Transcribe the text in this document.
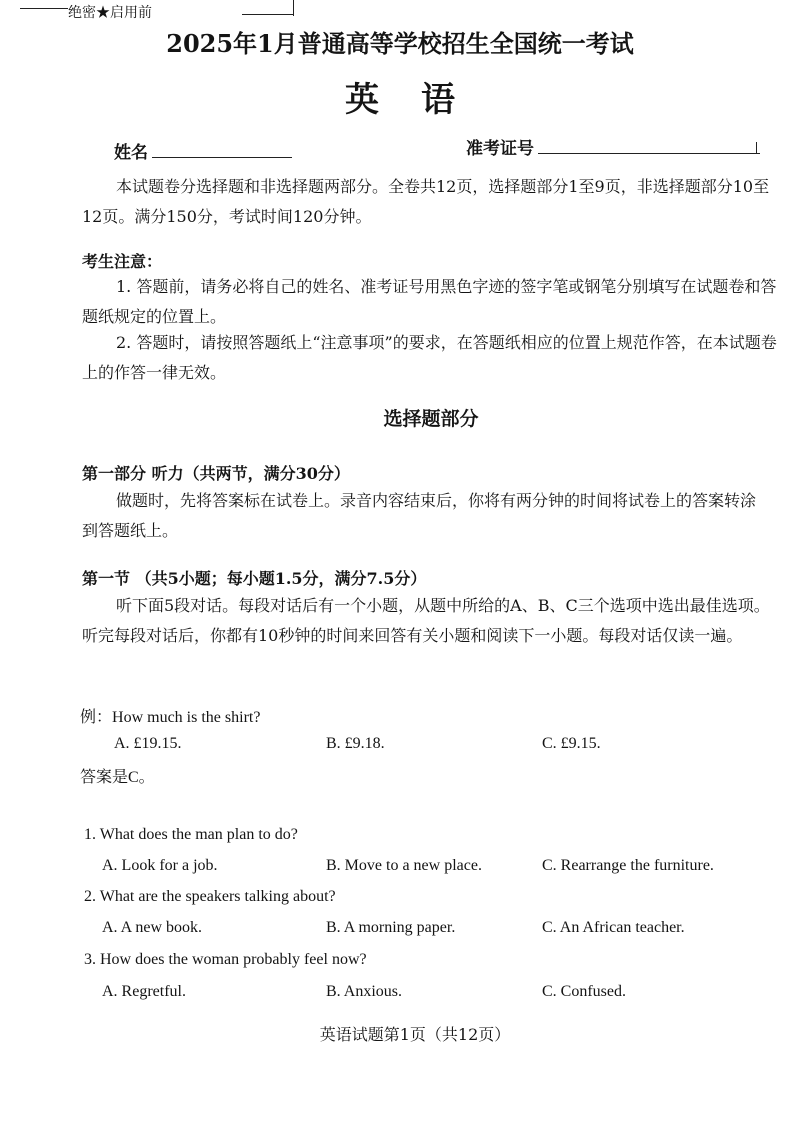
绝密★启用前
2025年1月普通高等学校招生全国统一考试
英语
姓名	准考证号
本试题卷分选择题和非选择题两部分。全卷共12页，选择题部分1至9页，非选择题部分10至12页。满分150分，考试时间120分钟。
考生注意：
1. 答题前，请务必将自己的姓名、准考证号用黑色字迹的签字笔或钢笔分别填写在试题卷和答题纸规定的位置上。
2. 答题时，请按照答题纸上“注意事项”的要求，在答题纸相应的位置上规范作答，在本试题卷上的作答一律无效。
选择题部分
第一部分 听力（共两节，满分30分）
做题时，先将答案标在试卷上。录音内容结束后，你将有两分钟的时间将试卷上的答案转涂到答题纸上。
第一节 （共5小题；每小题1.5分，满分7.5分）
听下面5段对话。每段对话后有一个小题，从题中所给的A、B、C三个选项中选出最佳选项。听完每段对话后，你都有10秒钟的时间来回答有关小题和阅读下一小题。每段对话仅读一遍。
例：How much is the shirt?
A. £19.15.	B. £9.18.	C. £9.15.
答案是C。
1. What does the man plan to do?
A. Look for a job.	B. Move to a new place.	C. Rearrange the furniture.
2. What are the speakers talking about?
A. A new book.	B. A morning paper.	C. An African teacher.
3. How does the woman probably feel now?
A. Regretful.	B. Anxious.	C. Confused.
英语试题第1页（共12页）
